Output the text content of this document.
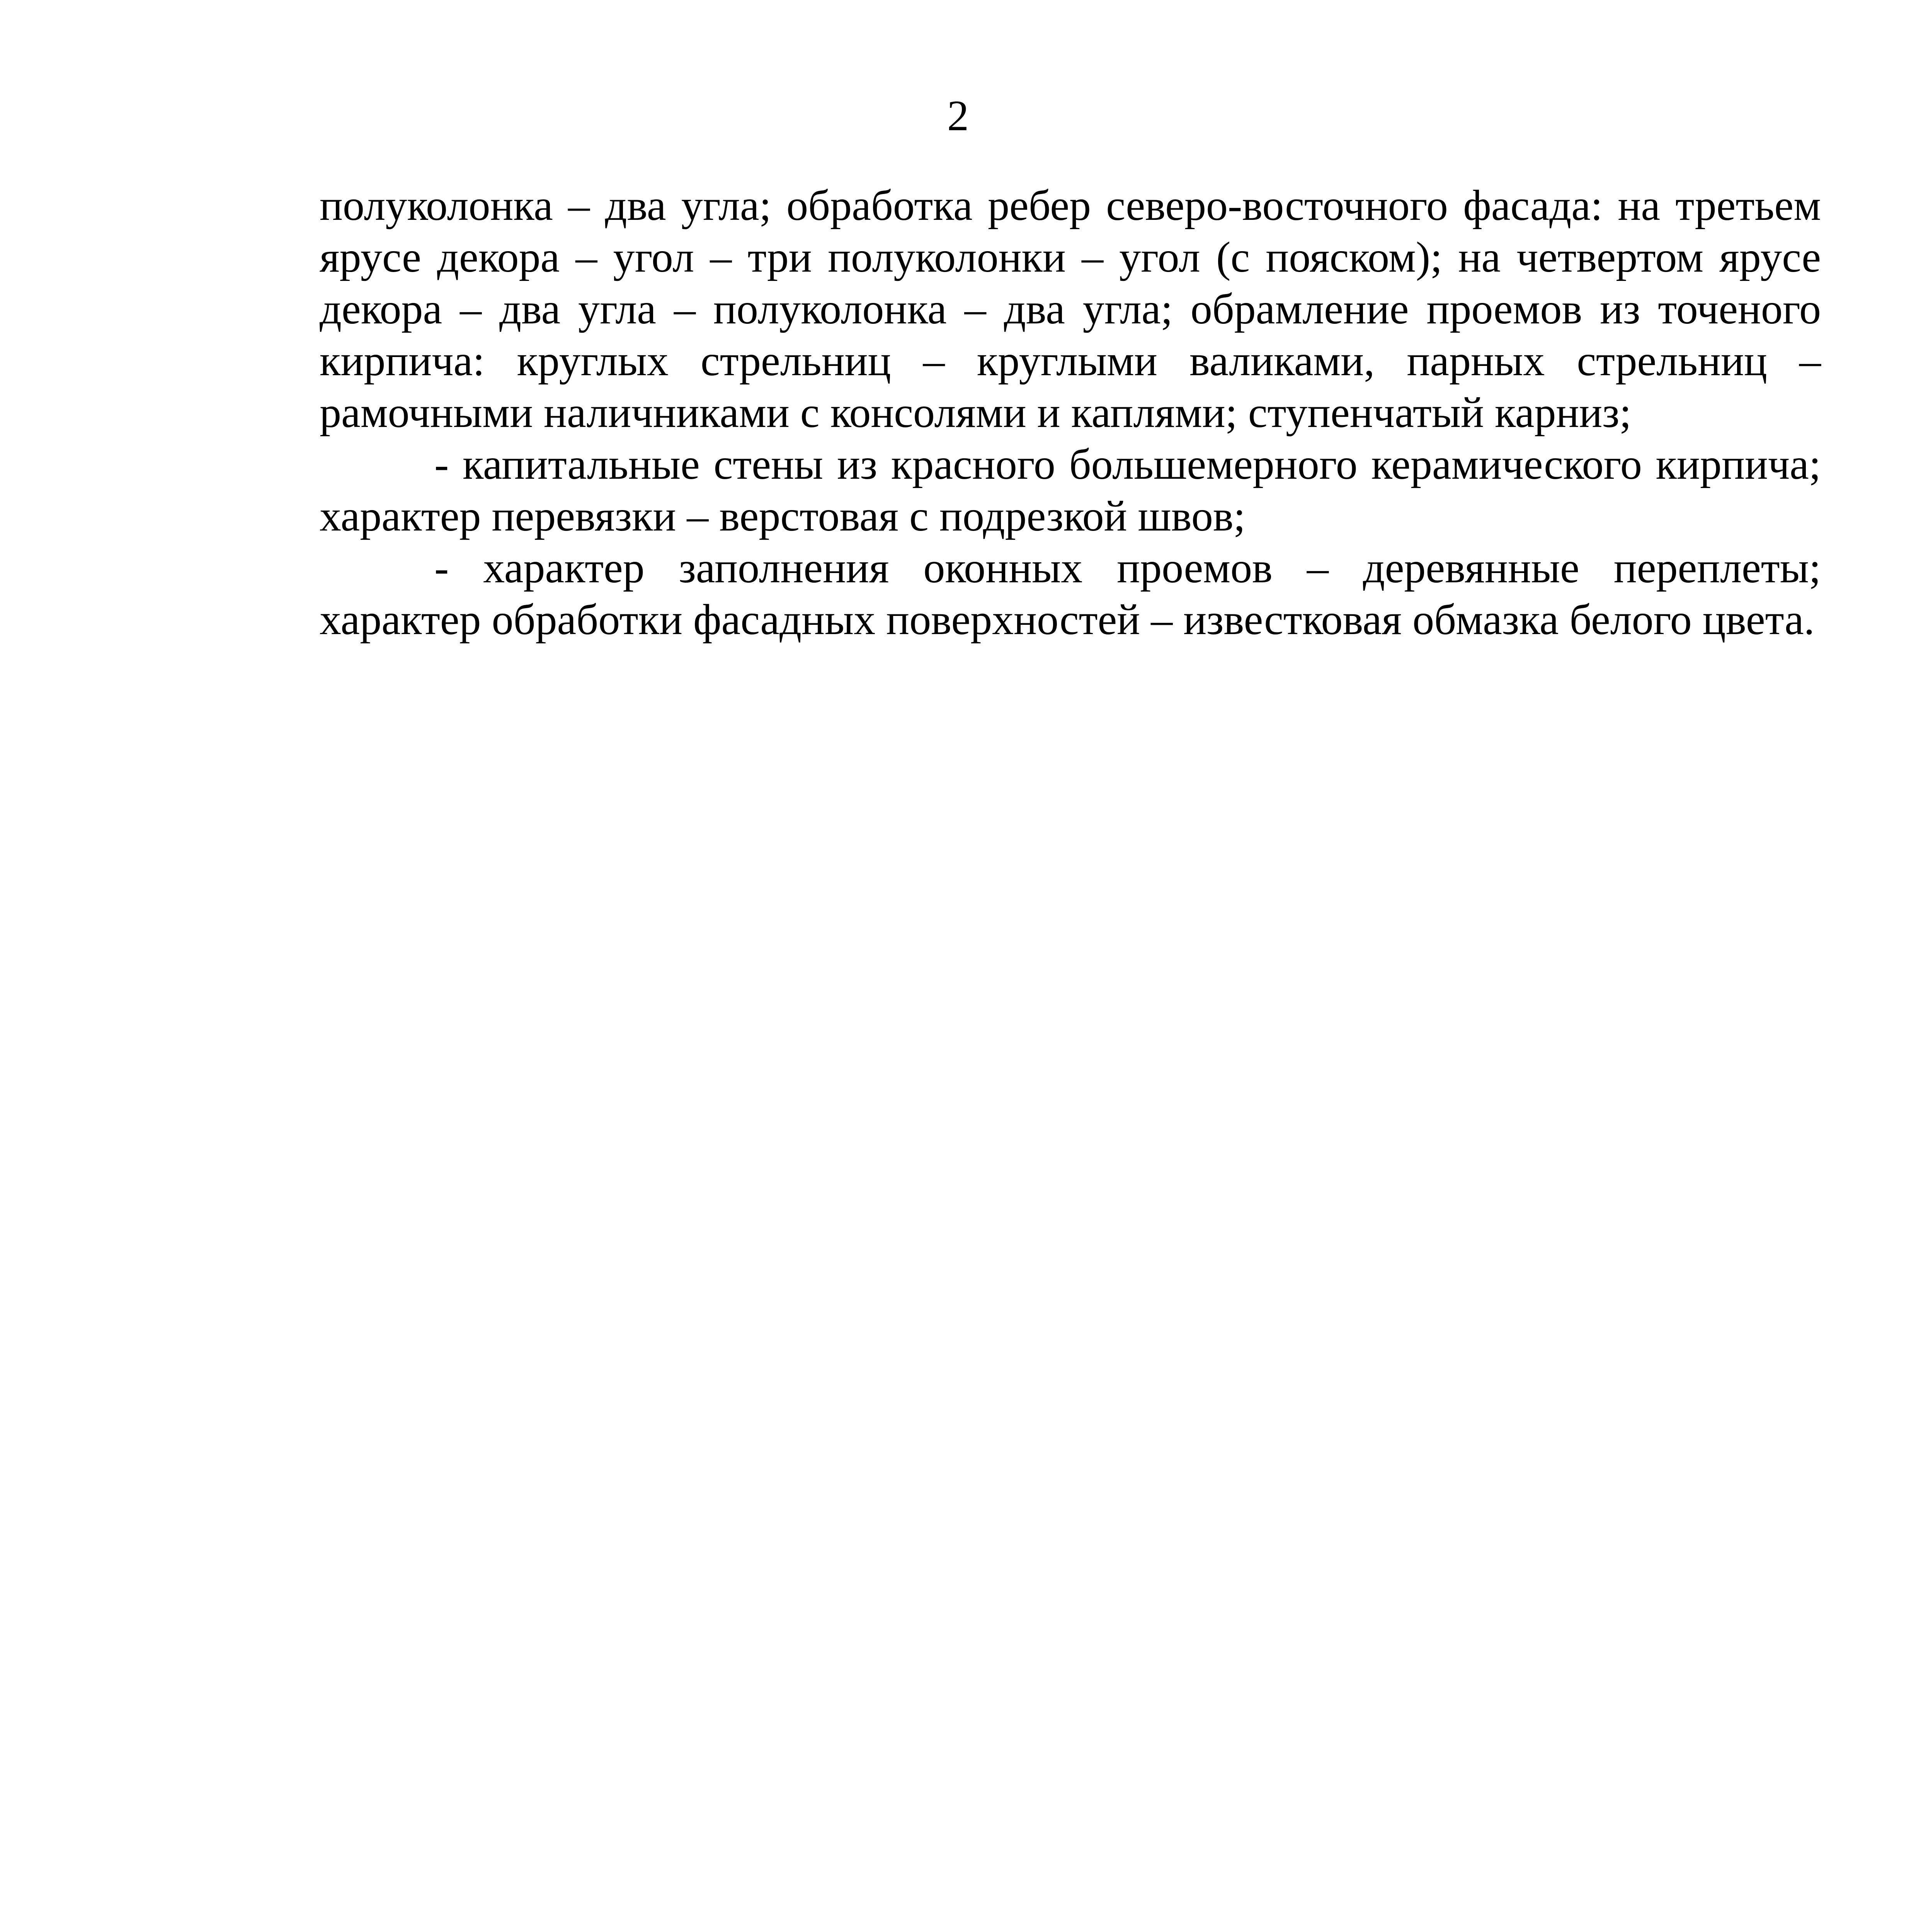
2

полуколонка – два угла; обработка ребер северо-восточного фасада: на третьем ярусе декора – угол – три полуколонки – угол (с пояском); на четвертом ярусе декора – два угла – полуколонка – два угла; обрамление проемов из точеного кирпича: круглых стрельниц – круглыми валиками, парных стрельниц – рамочными наличниками с консолями и каплями; ступенчатый карниз;

- капитальные стены из красного большемерного керамического кирпича; характер перевязки – верстовая с подрезкой швов;

- характер заполнения оконных проемов – деревянные переплеты; характер обработки фасадных поверхностей – известковая обмазка белого цвета.
